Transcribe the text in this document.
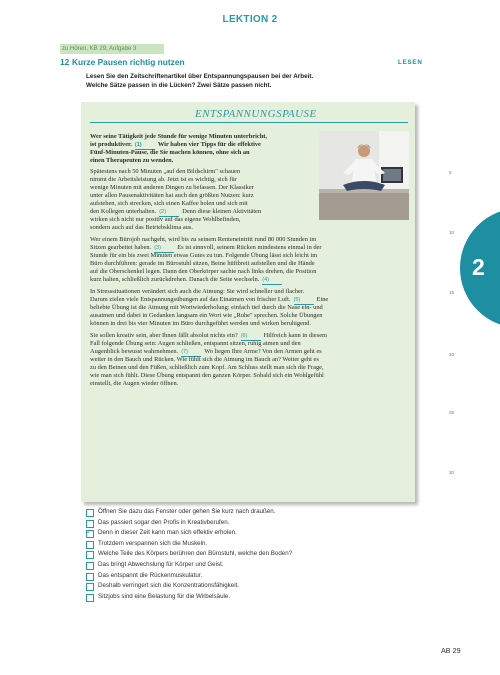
LEKTION 2
zu Hören, KB 29, Aufgabe 3
12 Kurze Pausen richtig nutzen	LESEN
Lesen Sie den Zeitschriftenartikel über Entspannungspausen bei der Arbeit.
Welche Sätze passen in die Lücken? Zwei Sätze passen nicht.
ENTSPANNUNGSPAUSE
Wer seine Tätigkeit jede Stunde für wenige Minuten unterbricht,
ist produktiver. (1)	Wir haben vier Tipps für die effektive
Fünf-Minuten-Pause, die Sie machen können, ohne sich an
einen Therapeuten zu wenden.
Spätestens nach 50 Minuten „auf den Bildschirm" schauen
nimmt die Arbeitsleistung ab. Jetzt ist es wichtig, sich für
wenige Minuten mit anderen Dingen zu befassen. Der Klassiker
unter allen Pausenaktivitäten hat auch den größten Nutzen: kurz
aufstehen, sich strecken, sich einen Kaffee holen und sich mit
den Kollegen unterhalten. (2)	Denn diese kleinen Aktivitäten
wirken sich nicht nur positiv auf das eigene Wohlbefinden,
sondern auch auf das Betriebsklima aus.
Wer einem Bürojob nachgeht, wird bis zu seinem Renteneintritt rund 80 000 Stunden im
Sitzen gearbeitet haben. (3)	Es ist sinnvoll, seinem Rücken mindestens einmal in der
Stunde für ein bis zwei Minuten etwas Gutes zu tun. Folgende Übung lässt sich leicht im
Büro durchführen: gerade im Bürostuhl sitzen, Beine hüftbreit aufstellen und die Hände
auf die Oberschenkel legen. Dann den Oberkörper sachte nach links drehen, die Position
kurz halten, schließlich zurückdrehen. Danach die Seite wechseln. (4)
In Stresssituationen verändert sich auch die Atmung: Sie wird schneller und flacher.
Darum zielen viele Entspannungsübungen auf das Einatmen von frischer Luft. (5)	Eine
beliebte Übung ist die Atmung mit Wortwiederholung: einfach tief durch die Nase ein- und
ausatmen und dabei in Gedanken langsam ein Wort wie „Ruhe" sprechen. Solche Übungen
können in drei bis vier Minuten im Büro durchgeführt werden und wirken beruhigend.
Sie sollen kreativ sein, aber Ihnen fällt absolut nichts ein? (6)	Hilfreich kann in diesem
Fall folgende Übung sein: Augen schließen, entspannt sitzen, ruhig atmen und den
Augenblick bewusst wahrnehmen. (7)	Wo liegen Ihre Arme? Von den Armen geht es
weiter in den Bauch und Rücken. Wie fühlt sich die Atmung im Bauch an? Weiter geht es
zu den Beinen und den Füßen, schließlich zum Kopf. Am Schluss stellt man sich die Frage,
wie man sich fühlt. Diese Übung entspannt den ganzen Körper. Sobald sich ein Wohlgefühl
einstellt, die Augen wieder öffnen.
2
Öffnen Sie dazu das Fenster oder gehen Sie kurz nach draußen.
Das passiert sogar den Profis in Kreativberufen.
✓ Denn in dieser Zeit kann man sich effektiv erholen.
Trotzdem verspannen sich die Muskeln.
Welche Teile des Körpers berühren den Bürostuhl, welche den Boden?
Das bringt Abwechslung für Körper und Geist.
Das entspannt die Rückenmuskulatur.
Deshalb verringert sich die Konzentrationsfähigkeit.
Sitzjobs sind eine Belastung für die Wirbelsäule.
AB 29
5
10
15
20
25
30
